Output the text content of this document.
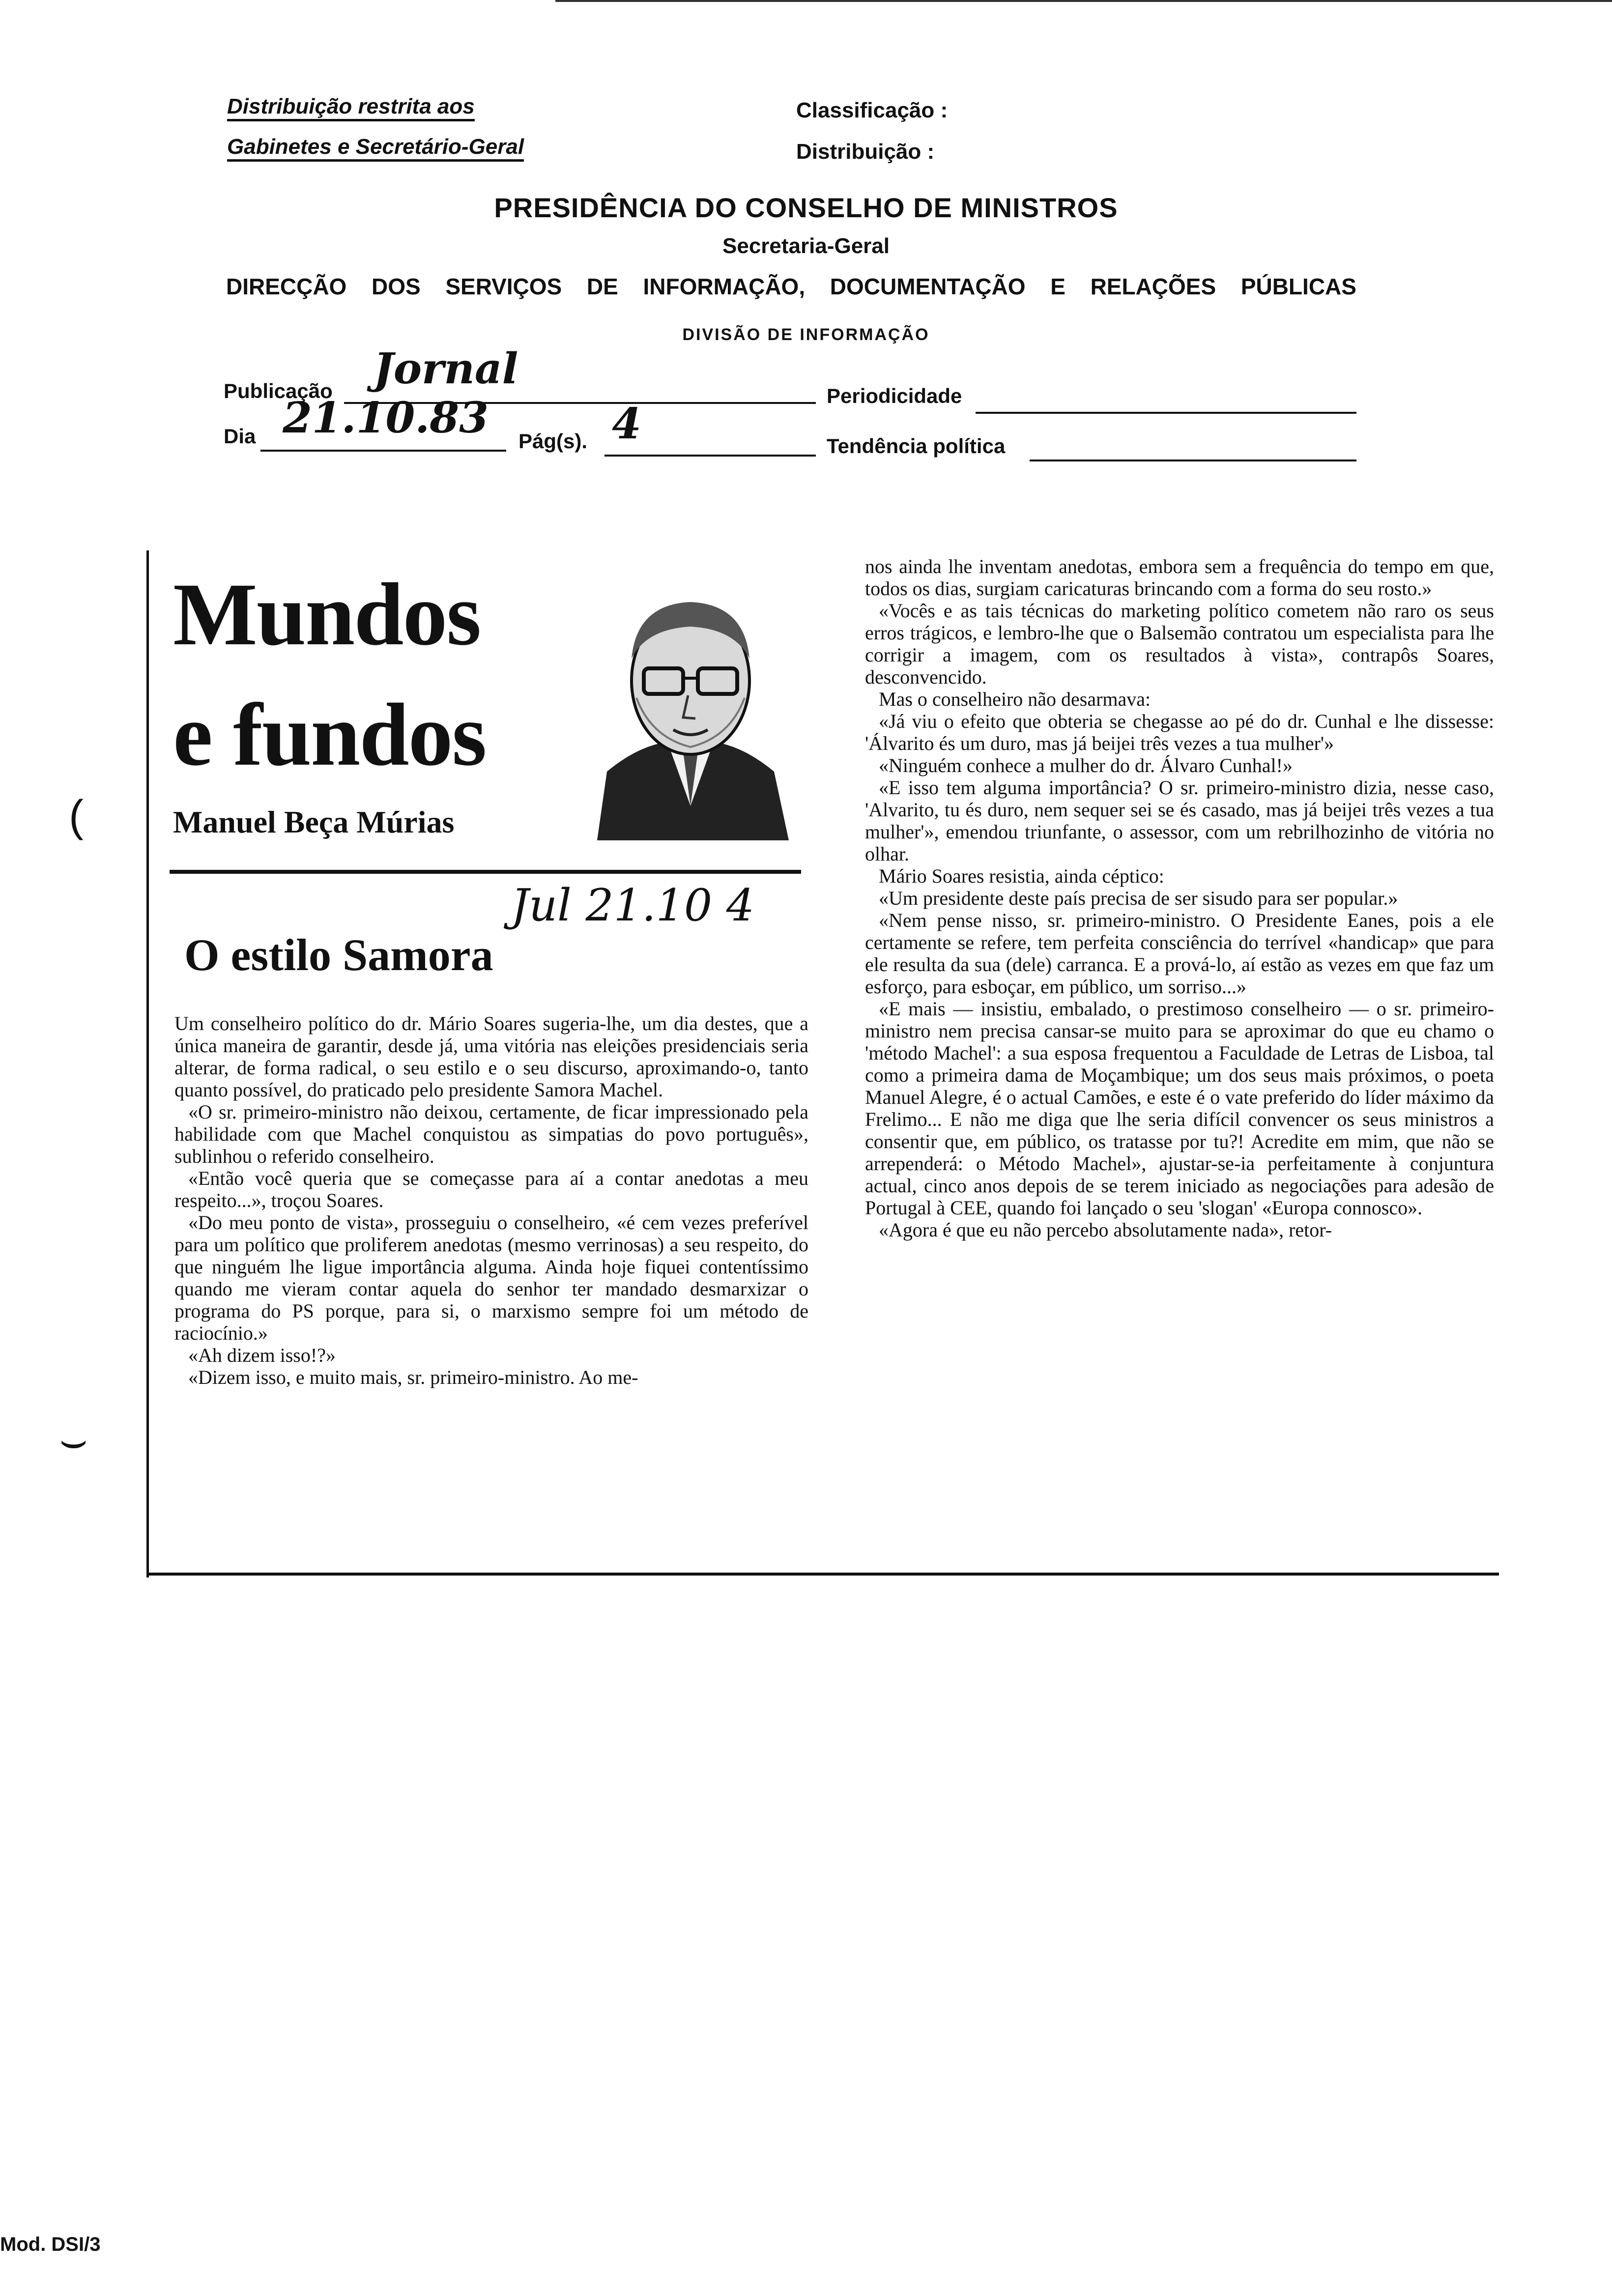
Distribuição restrita aos
Gabinetes e Secretário-Geral
Classificação :
Distribuição :
PRESIDÊNCIA DO CONSELHO DE MINISTROS
Secretaria-Geral
DIRECÇÃO DOS SERVIÇOS DE INFORMAÇÃO, DOCUMENTAÇÃO E RELAÇÕES PÚBLICAS
DIVISÃO DE INFORMAÇÃO
Publicação Jornal
Periodicidade
Dia 21.10.83 Pág(s). 4	Tendência política
Mundos
e fundos
Manuel Beça Múrias
O estilo Samora
Jul 21.10 4

Um conselheiro político do dr. Mário Soares sugeria-lhe, um dia destes, que a única maneira de garantir, desde já, uma vitória nas eleições presidenciais seria alterar, de forma radical, o seu estilo e o seu discurso, aproximando-o, tanto quanto possível, do praticado pelo presidente Samora Machel.

«O sr. primeiro-ministro não deixou, certamente, de ficar impressionado pela habilidade com que Machel conquistou as simpatias do povo português», sublinhou o referido conselheiro.

«Então você queria que se começasse para aí a contar anedotas a meu respeito...», troçou Soares.

«Do meu ponto de vista», prosseguiu o conselheiro, «é cem vezes preferível para um político que proliferem anedotas (mesmo verrinosas) a seu respeito, do que ninguém lhe ligue importância alguma. Ainda hoje fiquei contentíssimo quando me vieram contar aquela do senhor ter mandado desmarxizar o programa do PS porque, para si, o marxismo sempre foi um método de raciocínio.»

«Ah dizem isso!?»

«Dizem isso, e muito mais, sr. primeiro-ministro. Ao me-

nos ainda lhe inventam anedotas, embora sem a frequência do tempo em que, todos os dias, surgiam caricaturas brincando com a forma do seu rosto.»

«Vocês e as tais técnicas do marketing político cometem não raro os seus erros trágicos, e lembro-lhe que o Balsemão contratou um especialista para lhe corrigir a imagem, com os resultados à vista», contrapôs Soares, desconvencido.

Mas o conselheiro não desarmava:

«Já viu o efeito que obteria se chegasse ao pé do dr. Cunhal e lhe dissesse: 'Álvarito és um duro, mas já beijei três vezes a tua mulher'»

«Ninguém conhece a mulher do dr. Álvaro Cunhal!»

«E isso tem alguma importância? O sr. primeiro-ministro dizia, nesse caso, 'Alvarito, tu és duro, nem sequer sei se és casado, mas já beijei três vezes a tua mulher'», emendou triunfante, o assessor, com um rebrilhozinho de vitória no olhar.

Mário Soares resistia, ainda céptico:

«Um presidente deste país precisa de ser sisudo para ser popular.»

«Nem pense nisso, sr. primeiro-ministro. O Presidente Eanes, pois a ele certamente se refere, tem perfeita consciência do terrível «handicap» que para ele resulta da sua (dele) carranca. E a prová-lo, aí estão as vezes em que faz um esforço, para esboçar, em público, um sorriso...»

«E mais — insistiu, embalado, o prestimoso conselheiro — o sr. primeiro-ministro nem precisa cansar-se muito para se aproximar do que eu chamo o 'método Machel': a sua esposa frequentou a Faculdade de Letras de Lisboa, tal como a primeira dama de Moçambique; um dos seus mais próximos, o poeta Manuel Alegre, é o actual Camões, e este é o vate preferido do líder máximo da Frelimo... E não me diga que lhe seria difícil convencer os seus ministros a consentir que, em público, os tratasse por tu?! Acredite em mim, que não se arrependerá: o Método Machel», ajustar-se-ia perfeitamente à conjuntura actual, cinco anos depois de se terem iniciado as negociações para adesão de Portugal à CEE, quando foi lançado o seu 'slogan' «Europa connosco».

«Agora é que eu não percebo absolutamente nada», retor-

(
⌣
Mod. DSI/3
